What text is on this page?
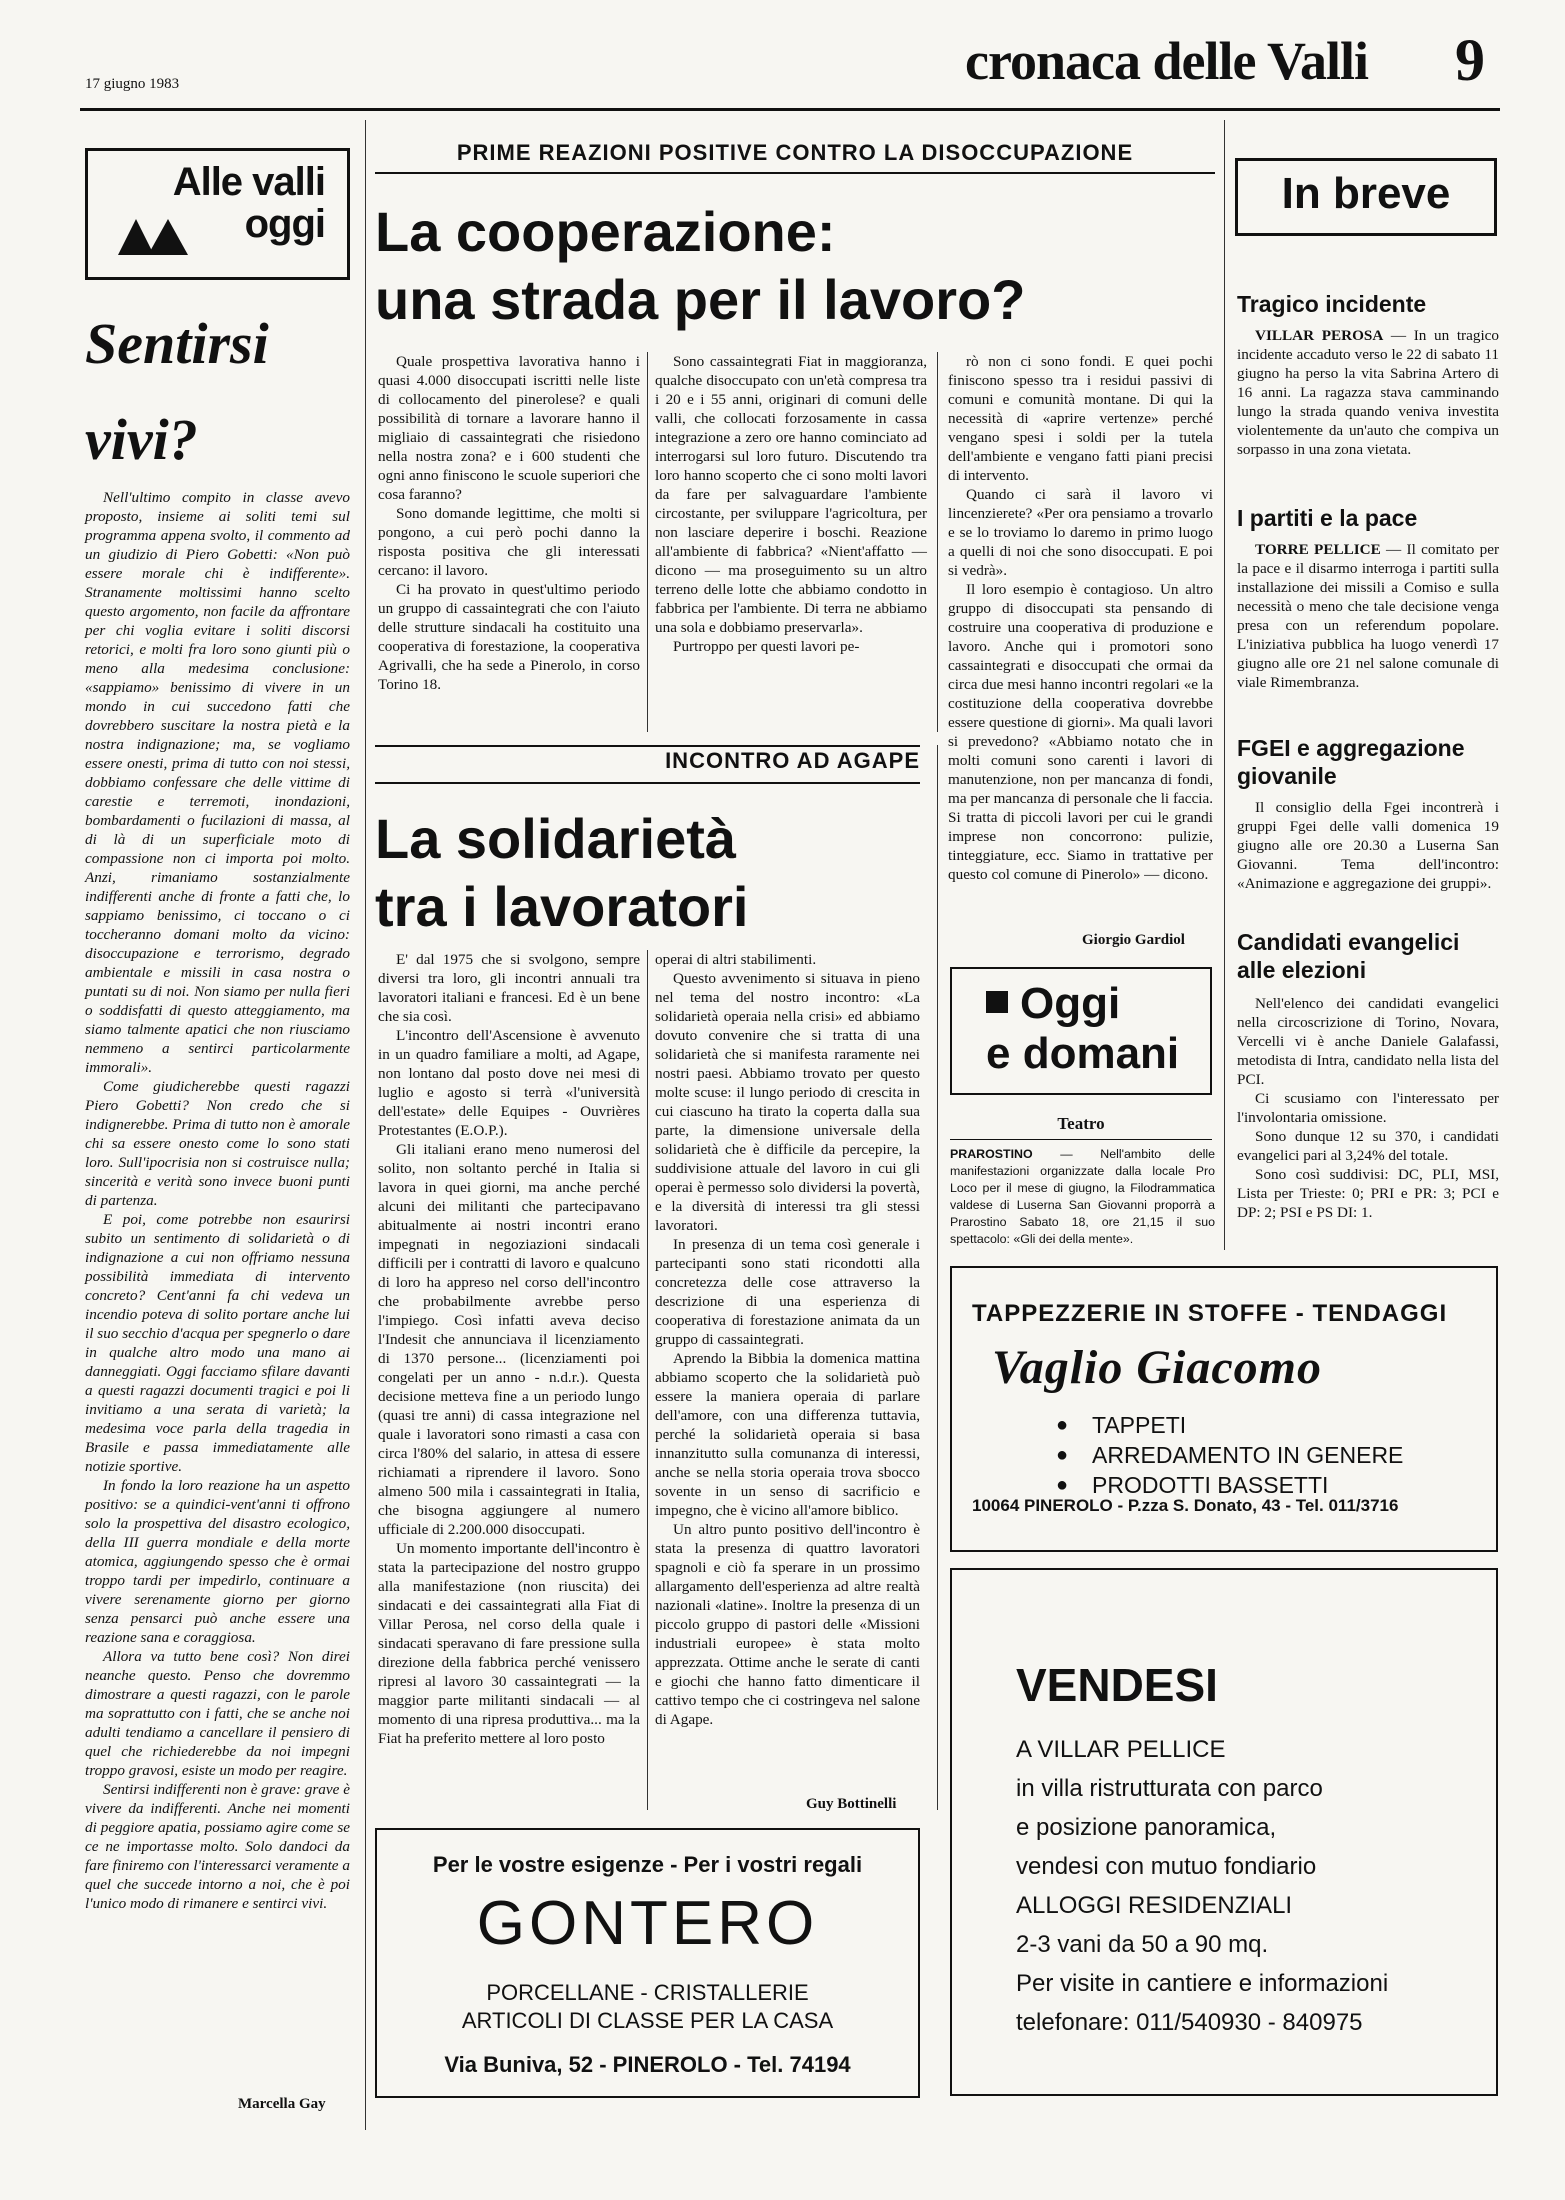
17 giugno 1983	cronaca delle Valli 9
Alle valli
oggi
Sentirsi
vivi?

Nell'ultimo compito in classe avevo proposto, insieme ai soliti temi sul programma appena svolto, il commento ad un giudizio di Piero Gobetti: «Non può essere morale chi è indifferente». Stranamente moltissimi hanno scelto questo argomento, non facile da affrontare per chi voglia evitare i soliti discorsi retorici, e molti fra loro sono giunti più o meno alla medesima conclusione: «sappiamo» benissimo di vivere in un mondo in cui succedono fatti che dovrebbero suscitare la nostra pietà e la nostra indignazione; ma, se vogliamo essere onesti, prima di tutto con noi stessi, dobbiamo confessare che delle vittime di carestie e terremoti, inondazioni, bombardamenti o fucilazioni di massa, al di là di un superficiale moto di compassione non ci importa poi molto. Anzi, rimaniamo sostanzialmente indifferenti anche di fronte a fatti che, lo sappiamo benissimo, ci toccano o ci toccheranno domani molto da vicino: disoccupazione e terrorismo, degrado ambientale e missili in casa nostra o puntati su di noi. Non siamo per nulla fieri o soddisfatti di questo atteggiamento, ma siamo talmente apatici che non riusciamo nemmeno a sentirci particolarmente immorali».

Come giudicherebbe questi ragazzi Piero Gobetti? Non credo che si indignerebbe. Prima di tutto non è amorale chi sa essere onesto come lo sono stati loro. Sull'ipocrisia non si costruisce nulla; sincerità e verità sono invece buoni punti di partenza.

E poi, come potrebbe non esaurirsi subito un sentimento di solidarietà o di indignazione a cui non offriamo nessuna possibilità immediata di intervento concreto? Cent'anni fa chi vedeva un incendio poteva di solito portare anche lui il suo secchio d'acqua per spegnerlo o dare in qualche altro modo una mano ai danneggiati. Oggi facciamo sfilare davanti a questi ragazzi documenti tragici e poi li invitiamo a una serata di varietà; la medesima voce parla della tragedia in Brasile e passa immediatamente alle notizie sportive.

In fondo la loro reazione ha un aspetto positivo: se a quindici-vent'anni ti offrono solo la prospettiva del disastro ecologico, della III guerra mondiale e della morte atomica, aggiungendo spesso che è ormai troppo tardi per impedirlo, continuare a vivere serenamente giorno per giorno senza pensarci può anche essere una reazione sana e coraggiosa.

Allora va tutto bene così? Non direi neanche questo. Penso che dovremmo dimostrare a questi ragazzi, con le parole ma soprattutto con i fatti, che se anche noi adulti tendiamo a cancellare il pensiero di quel che richiederebbe da noi impegni troppo gravosi, esiste un modo per reagire.

Sentirsi indifferenti non è grave: grave è vivere da indifferenti. Anche nei momenti di peggiore apatia, possiamo agire come se ce ne importasse molto. Solo dandoci da fare finiremo con l'interessarci veramente a quel che succede intorno a noi, che è poi l'unico modo di rimanere e sentirci vivi.

Marcella Gay
PRIME REAZIONI POSITIVE CONTRO LA DISOCCUPAZIONE
La cooperazione:
una strada per il lavoro?

Quale prospettiva lavorativa hanno i quasi 4.000 disoccupati iscritti nelle liste di collocamento del pinerolese? e quali possibilità di tornare a lavorare hanno il migliaio di cassaintegrati che risiedono nella nostra zona? e i 600 studenti che ogni anno finiscono le scuole superiori che cosa faranno?

Sono domande legittime, che molti si pongono, a cui però pochi danno la risposta positiva che gli interessati cercano: il lavoro.

Ci ha provato in quest'ultimo periodo un gruppo di cassaintegrati che con l'aiuto delle strutture sindacali ha costituito una cooperativa di forestazione, la cooperativa Agrivalli, che ha sede a Pinerolo, in corso Torino 18.

Sono cassaintegrati Fiat in maggioranza, qualche disoccupato con un'età compresa tra i 20 e i 55 anni, originari di comuni delle valli, che collocati forzosamente in cassa integrazione a zero ore hanno cominciato ad interrogarsi sul loro futuro. Discutendo tra loro hanno scoperto che ci sono molti lavori da fare per salvaguardare l'ambiente circostante, per sviluppare l'agricoltura, per non lasciare deperire i boschi. Reazione all'ambiente di fabbrica? «Nient'affatto — dicono — ma proseguimento su un altro terreno delle lotte che abbiamo condotto in fabbrica per l'ambiente. Di terra ne abbiamo una sola e dobbiamo preservarla».

Purtroppo per questi lavori pe-

rò non ci sono fondi. E quei pochi finiscono spesso tra i residui passivi di comuni e comunità montane. Di qui la necessità di «aprire vertenze» perché vengano spesi i soldi per la tutela dell'ambiente e vengano fatti piani precisi di intervento.

Quando ci sarà il lavoro vi lincenzierete? «Per ora pensiamo a trovarlo e se lo troviamo lo daremo in primo luogo a quelli di noi che sono disoccupati. E poi si vedrà».

Il loro esempio è contagioso. Un altro gruppo di disoccupati sta pensando di costruire una cooperativa di produzione e lavoro. Anche qui i promotori sono cassaintegrati e disoccupati che ormai da circa due mesi hanno incontri regolari «e la costituzione della cooperativa dovrebbe essere questione di giorni». Ma quali lavori si prevedono? «Abbiamo notato che in molti comuni sono carenti i lavori di manutenzione, non per mancanza di fondi, ma per mancanza di personale che li faccia. Si tratta di piccoli lavori per cui le grandi imprese non concorrono: pulizie, tinteggiature, ecc. Siamo in trattative per questo col comune di Pinerolo» — dicono.

Giorgio Gardiol
INCONTRO AD AGAPE
La solidarietà
tra i lavoratori

E' dal 1975 che si svolgono, sempre diversi tra loro, gli incontri annuali tra lavoratori italiani e francesi. Ed è un bene che sia così.

L'incontro dell'Ascensione è avvenuto in un quadro familiare a molti, ad Agape, non lontano dal posto dove nei mesi di luglio e agosto si terrà «l'università dell'estate» delle Equipes - Ouvrières Protestantes (E.O.P.).

Gli italiani erano meno numerosi del solito, non soltanto perché in Italia si lavora in quei giorni, ma anche perché alcuni dei militanti che partecipavano abitualmente ai nostri incontri erano impegnati in negoziazioni sindacali difficili per i contratti di lavoro e qualcuno di loro ha appreso nel corso dell'incontro che probabilmente avrebbe perso l'impiego. Così infatti aveva deciso l'Indesit che annunciava il licenziamento di 1370 persone... (licenziamenti poi congelati per un anno - n.d.r.). Questa decisione metteva fine a un periodo lungo (quasi tre anni) di cassa integrazione nel quale i lavoratori sono rimasti a casa con circa l'80% del salario, in attesa di essere richiamati a riprendere il lavoro. Sono almeno 500 mila i cassaintegrati in Italia, che bisogna aggiungere al numero ufficiale di 2.200.000 disoccupati.

Un momento importante dell'incontro è stata la partecipazione del nostro gruppo alla manifestazione (non riuscita) dei sindacati e dei cassaintegrati alla Fiat di Villar Perosa, nel corso della quale i sindacati speravano di fare pressione sulla direzione della fabbrica perché venissero ripresi al lavoro 30 cassaintegrati — la maggior parte militanti sindacali — al momento di una ripresa produttiva... ma la Fiat ha preferito mettere al loro posto

operai di altri stabilimenti.

Questo avvenimento si situava in pieno nel tema del nostro incontro: «La solidarietà operaia nella crisi» ed abbiamo dovuto convenire che si tratta di una solidarietà che si manifesta raramente nei nostri paesi. Abbiamo trovato per questo molte scuse: il lungo periodo di crescita in cui ciascuno ha tirato la coperta dalla sua parte, la dimensione universale della solidarietà che è difficile da percepire, la suddivisione attuale del lavoro in cui gli operai è permesso solo dividersi la povertà, e la diversità di interessi tra gli stessi lavoratori.

In presenza di un tema così generale i partecipanti sono stati ricondotti alla concretezza delle cose attraverso la descrizione di una esperienza di cooperativa di forestazione animata da un gruppo di cassaintegrati.

Aprendo la Bibbia la domenica mattina abbiamo scoperto che la solidarietà può essere la maniera operaia di parlare dell'amore, con una differenza tuttavia, perché la solidarietà operaia si basa innanzitutto sulla comunanza di interessi, anche se nella storia operaia trova sbocco sovente in un senso di sacrificio e impegno, che è vicino all'amore biblico.

Un altro punto positivo dell'incontro è stata la presenza di quattro lavoratori spagnoli e ciò fa sperare in un prossimo allargamento dell'esperienza ad altre realtà nazionali «latine». Inoltre la presenza di un piccolo gruppo di pastori delle «Missioni industriali europee» è stata molto apprezzata. Ottime anche le serate di canti e giochi che hanno fatto dimenticare il cattivo tempo che ci costringeva nel salone di Agape.

Guy Bottinelli
Oggi
e domani
Teatro
PRAROSTINO — Nell'ambito delle manifestazioni organizzate dalla locale Pro Loco per il mese di giugno, la Filodrammatica valdese di Luserna San Giovanni proporrà a Prarostino Sabato 18, ore 21,15 il suo spettacolo: «Gli dei della mente».
In breve
Tragico incidente

VILLAR PEROSA — In un tragico incidente accaduto verso le 22 di sabato 11 giugno ha perso la vita Sabrina Artero di 16 anni. La ragazza stava camminando lungo la strada quando veniva investita violentemente da un'auto che compiva un sorpasso in una zona vietata.

I partiti e la pace

TORRE PELLICE — Il comitato per la pace e il disarmo interroga i partiti sulla installazione dei missili a Comiso e sulla necessità o meno che tale decisione venga presa con un referendum popolare. L'iniziativa pubblica ha luogo venerdì 17 giugno alle ore 21 nel salone comunale di viale Rimembranza.

FGEI e aggregazione giovanile

Il consiglio della Fgei incontrerà i gruppi Fgei delle valli domenica 19 giugno alle ore 20.30 a Luserna San Giovanni. Tema dell'incontro: «Animazione e aggregazione dei gruppi».

Candidati evangelici alle elezioni

Nell'elenco dei candidati evangelici nella circoscrizione di Torino, Novara, Vercelli vi è anche Daniele Galafassi, metodista di Intra, candidato nella lista del PCI.

Ci scusiamo con l'interessato per l'involontaria omissione.

Sono dunque 12 su 370, i candidati evangelici pari al 3,24% del totale.

Sono così suddivisi: DC, PLI, MSI, Lista per Trieste: 0; PRI e PR: 3; PCI e DP: 2; PSI e PS DI: 1.

TAPPEZZERIE IN STOFFE - TENDAGGI
Vaglio Giacomo
● TAPPETI
● ARREDAMENTO IN GENERE
● PRODOTTI BASSETTI
10064 PINEROLO - P.zza S. Donato, 43 - Tel. 011/3716
VENDESI
A VILLAR PELLICE
in villa ristrutturata con parco
e posizione panoramica,
vendesi con mutuo fondiario
ALLOGGI RESIDENZIALI
2-3 vani da 50 a 90 mq.
Per visite in cantiere e informazioni
telefonare: 011/540930 - 840975
Per le vostre esigenze - Per i vostri regali
GONTERO
PORCELLANE - CRISTALLERIE
ARTICOLI DI CLASSE PER LA CASA
Via Buniva, 52 - PINEROLO - Tel. 74194
